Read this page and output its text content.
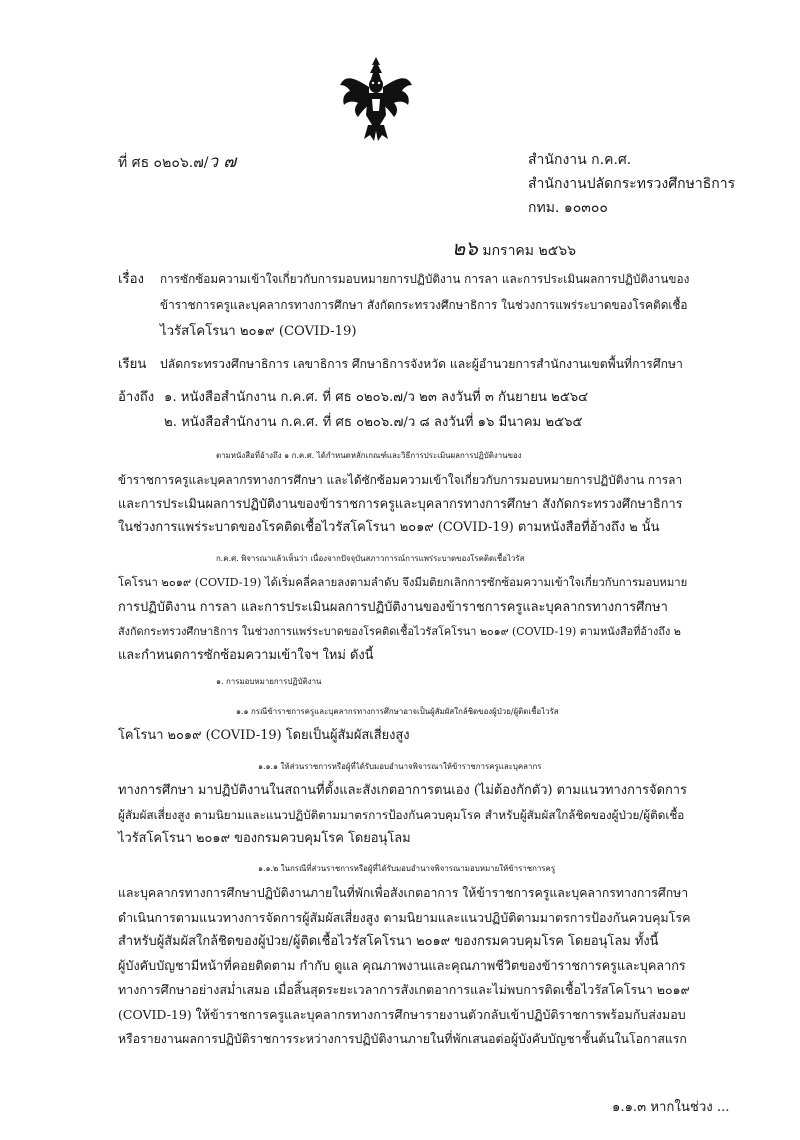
ที่ ศธ ๐๒๐๖.๗/ว ๗	สำนักงาน ก.ค.ศ.
สำนักงานปลัดกระทรวงศึกษาธิการ
กทม. ๑๐๓๐๐
๒๖ มกราคม ๒๕๖๖
เรื่อง การซักซ้อมความเข้าใจเกี่ยวกับการมอบหมายการปฏิบัติงาน การลา และการประเมินผลการปฏิบัติงานของ
ข้าราชการครูและบุคลากรทางการศึกษา สังกัดกระทรวงศึกษาธิการ ในช่วงการแพร่ระบาดของโรคติดเชื้อ
ไวรัสโคโรนา ๒๐๑๙ (COVID-19)
เรียน ปลัดกระทรวงศึกษาธิการ เลขาธิการ ศึกษาธิการจังหวัด และผู้อำนวยการสำนักงานเขตพื้นที่การศึกษา
อ้างถึง ๑. หนังสือสำนักงาน ก.ค.ศ. ที่ ศธ ๐๒๐๖.๗/ว ๒๓ ลงวันที่ ๓ กันยายน ๒๕๖๔
๒. หนังสือสำนักงาน ก.ค.ศ. ที่ ศธ ๐๒๐๖.๗/ว ๘ ลงวันที่ ๑๖ มีนาคม ๒๕๖๕
ตามหนังสือที่อ้างถึง ๑ ก.ค.ศ. ได้กำหนดหลักเกณฑ์และวิธีการประเมินผลการปฏิบัติงานของ
ข้าราชการครูและบุคลากรทางการศึกษา และได้ซักซ้อมความเข้าใจเกี่ยวกับการมอบหมายการปฏิบัติงาน การลา
และการประเมินผลการปฏิบัติงานของข้าราชการครูและบุคลากรทางการศึกษา สังกัดกระทรวงศึกษาธิการ
ในช่วงการแพร่ระบาดของโรคติดเชื้อไวรัสโคโรนา ๒๐๑๙ (COVID-19) ตามหนังสือที่อ้างถึง ๒ นั้น
ก.ค.ศ. พิจารณาแล้วเห็นว่า เนื่องจากปัจจุบันสภาวการณ์การแพร่ระบาดของโรคติดเชื้อไวรัส
โคโรนา ๒๐๑๙ (COVID-19) ได้เริ่มคลี่คลายลงตามลำดับ จึงมีมติยกเลิกการซักซ้อมความเข้าใจเกี่ยวกับการมอบหมาย
การปฏิบัติงาน การลา และการประเมินผลการปฏิบัติงานของข้าราชการครูและบุคลากรทางการศึกษา
สังกัดกระทรวงศึกษาธิการ ในช่วงการแพร่ระบาดของโรคติดเชื้อไวรัสโคโรนา ๒๐๑๙ (COVID-19) ตามหนังสือที่อ้างถึง ๒
และกำหนดการซักซ้อมความเข้าใจฯ ใหม่ ดังนี้
๑. การมอบหมายการปฏิบัติงาน
๑.๑ กรณีข้าราชการครูและบุคลากรทางการศึกษาอาจเป็นผู้สัมผัสใกล้ชิดของผู้ป่วย/ผู้ติดเชื้อไวรัส
โคโรนา ๒๐๑๙ (COVID-19) โดยเป็นผู้สัมผัสเสี่ยงสูง
๑.๑.๑ ให้ส่วนราชการหรือผู้ที่ได้รับมอบอำนาจพิจารณาให้ข้าราชการครูและบุคลากร
ทางการศึกษา มาปฏิบัติงานในสถานที่ตั้งและสังเกตอาการตนเอง (ไม่ต้องกักตัว) ตามแนวทางการจัดการ
ผู้สัมผัสเสี่ยงสูง ตามนิยามและแนวปฏิบัติตามมาตรการป้องกันควบคุมโรค สำหรับผู้สัมผัสใกล้ชิดของผู้ป่วย/ผู้ติดเชื้อ
ไวรัสโคโรนา ๒๐๑๙ ของกรมควบคุมโรค โดยอนุโลม
๑.๑.๒ ในกรณีที่ส่วนราชการหรือผู้ที่ได้รับมอบอำนาจพิจารณามอบหมายให้ข้าราชการครู
และบุคลากรทางการศึกษาปฏิบัติงานภายในที่พักเพื่อสังเกตอาการ ให้ข้าราชการครูและบุคลากรทางการศึกษา
ดำเนินการตามแนวทางการจัดการผู้สัมผัสเสี่ยงสูง ตามนิยามและแนวปฏิบัติตามมาตรการป้องกันควบคุมโรค
สำหรับผู้สัมผัสใกล้ชิดของผู้ป่วย/ผู้ติดเชื้อไวรัสโคโรนา ๒๐๑๙ ของกรมควบคุมโรค โดยอนุโลม ทั้งนี้
ผู้บังคับบัญชามีหน้าที่คอยติดตาม กำกับ ดูแล คุณภาพงานและคุณภาพชีวิตของข้าราชการครูและบุคลากร
ทางการศึกษาอย่างสม่ำเสมอ เมื่อสิ้นสุดระยะเวลาการสังเกตอาการและไม่พบการติดเชื้อไวรัสโคโรนา ๒๐๑๙
(COVID-19) ให้ข้าราชการครูและบุคลากรทางการศึกษารายงานตัวกลับเข้าปฏิบัติราชการพร้อมกับส่งมอบ
หรือรายงานผลการปฏิบัติราชการระหว่างการปฏิบัติงานภายในที่พักเสนอต่อผู้บังคับบัญชาชั้นต้นในโอกาสแรก
๑.๑.๓ หากในช่วง ...
